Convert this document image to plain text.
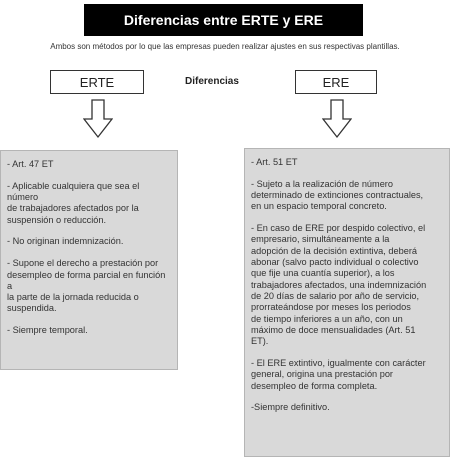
Diferencias entre ERTE y ERE
Ambos son métodos por lo que las empresas pueden realizar ajustes en sus respectivas plantillas.
ERTE	Diferencias	ERE
- Art. 47 ET
- Aplicable cualquiera que sea el número
de trabajadores afectados por la
suspensión o reducción.
- No originan indemnización.
- Supone el derecho a prestación por
desempleo de forma parcial en función a
la parte de la jornada reducida o
suspendida.
- Siempre temporal.
- Art. 51 ET
- Sujeto a la realización de número
determinado de extinciones contractuales,
en un espacio temporal concreto.
- En caso de ERE por despido colectivo, el
empresario, simultáneamente a la
adopción de la decisión extintiva, deberá
abonar (salvo pacto individual o colectivo
que fije una cuantía superior), a los
trabajadores afectados, una indemnización
de 20 días de salario por año de servicio,
prorrateándose por meses los periodos
de tiempo inferiores a un año, con un
máximo de doce mensualidades (Art. 51
ET).
- El ERE extintivo, igualmente con carácter
general, origina una prestación por
desempleo de forma completa.
-Siempre definitivo.
